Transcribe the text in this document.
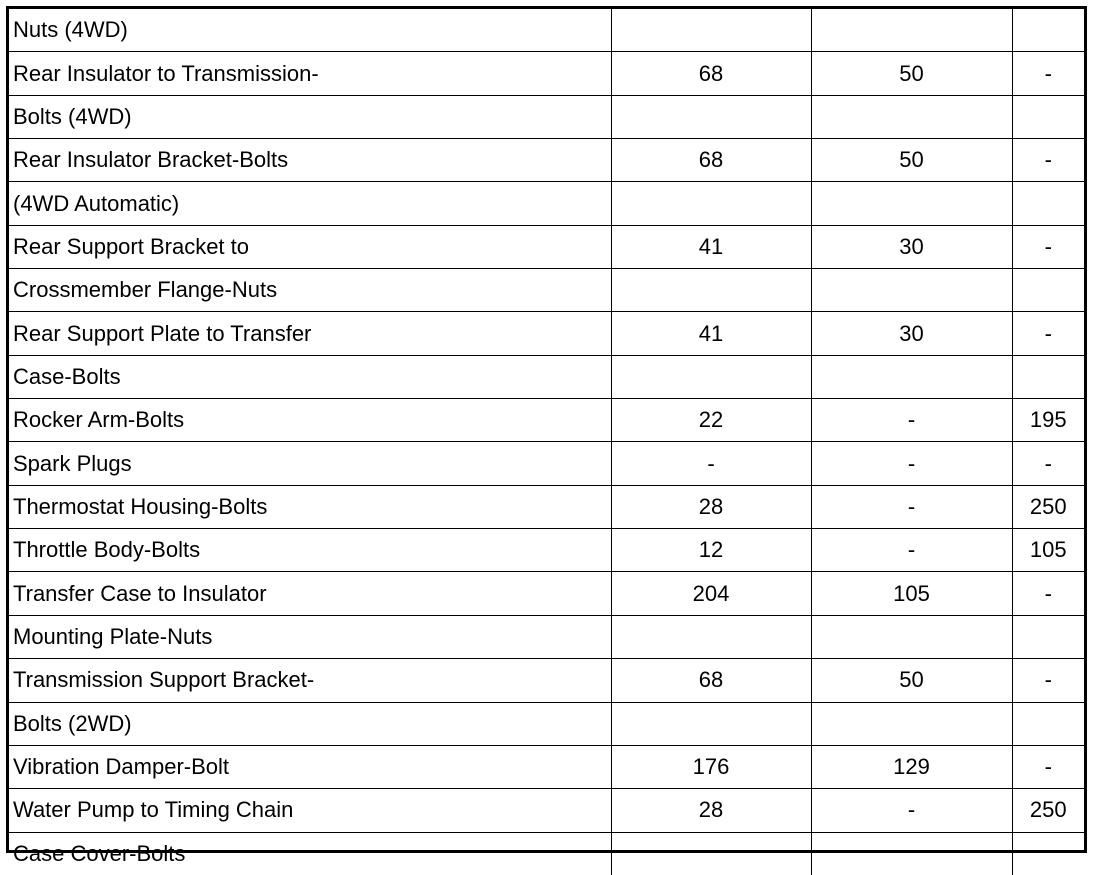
Nuts (4WD)			
Rear Insulator to Transmission-	68	50	-
Bolts (4WD)			
Rear Insulator Bracket-Bolts	68	50	-
(4WD Automatic)			
Rear Support Bracket to	41	30	-
Crossmember Flange-Nuts			
Rear Support Plate to Transfer	41	30	-
Case-Bolts			
Rocker Arm-Bolts	22	-	195
Spark Plugs	-	-	-
Thermostat Housing-Bolts	28	-	250
Throttle Body-Bolts	12	-	105
Transfer Case to Insulator	204	105	-
Mounting Plate-Nuts			
Transmission Support Bracket-	68	50	-
Bolts (2WD)			
Vibration Damper-Bolt	176	129	-
Water Pump to Timing Chain	28	-	250
Case Cover-Bolts			
